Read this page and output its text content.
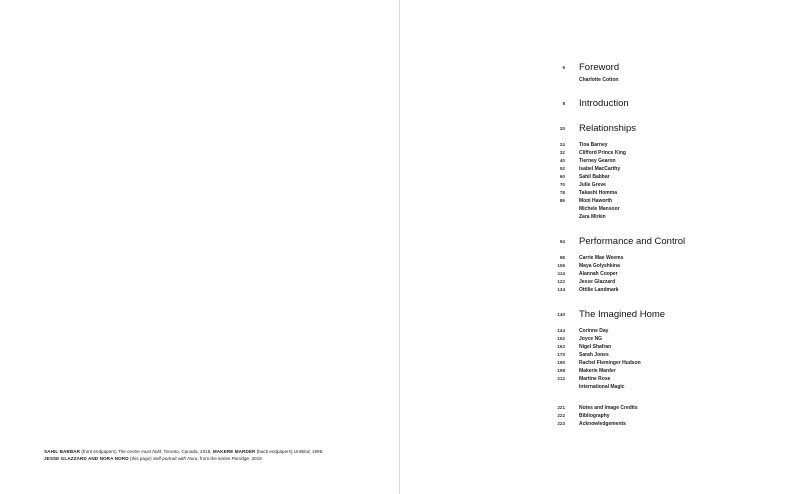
SAHIL BABBAR (front endpapers) The centre must hold, Toronto, Canada, 2018. MAKERE MARDER (back endpapers) Untitled, 1998.
JESSE GLAZZARD AND NORA NORD (this page) Self-portrait with Nora, from the series Porridge, 2019
6 Foreword
Charlotte Cotton
8 Introduction
20 Relationships
24	Tina Barney
32	Clifford Prince King
40	Tierney Gearon
52	Isabel MacCarthy
60	Sahil Babbar
70	Julie Greve
78	Takashi Homma
86	Moni Haworth
Michele Mansoor
Zara Mirkin
94 Performance and Control
98	Carrie Mae Weems
106	Maya Golyshkina
114	Alannah Cooper
122	Jesse Glazzard
134	Ottilie Landmark
140 The Imagined Home
144	Corinne Day
152	Joyce NG
162	Nigel Shafran
170	Sarah Jones
190	Rachel Fleminger Hudson
198	Makerie Marder
212	Martine Rose
International Magic
221	Notes and Image Credits
222	Bibliography
223	Acknowledgements
